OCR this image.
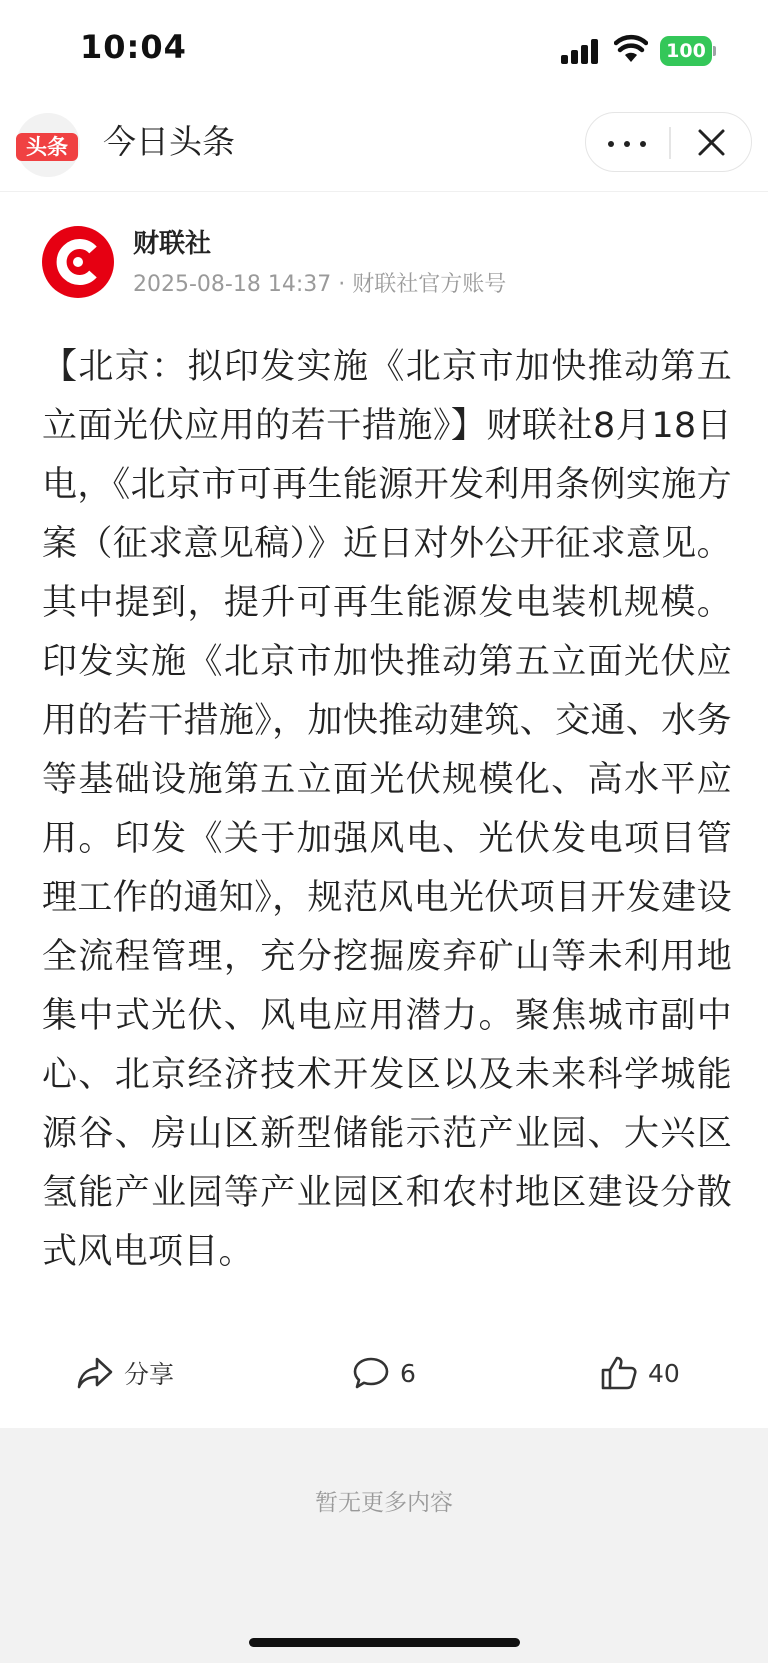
10:04	100
头条	今日头条
财联社
2025-08-18 14:37 · 财联社官方账号
【北京：拟印发实施《北京市加快推动第五立面光伏应用的若干措施》】财联社8月18日电，《北京市可再生能源开发利用条例实施方案（征求意见稿）》近日对外公开征求意见。其中提到，提升可再生能源发电装机规模。印发实施《北京市加快推动第五立面光伏应用的若干措施》，加快推动建筑、交通、水务等基础设施第五立面光伏规模化、高水平应用。印发《关于加强风电、光伏发电项目管理工作的通知》，规范风电光伏项目开发建设全流程管理，充分挖掘废弃矿山等未利用地集中式光伏、风电应用潜力。聚焦城市副中心、北京经济技术开发区以及未来科学城能源谷、房山区新型储能示范产业园、大兴区氢能产业园等产业园区和农村地区建设分散式风电项目。
分享	6	40
暂无更多内容
